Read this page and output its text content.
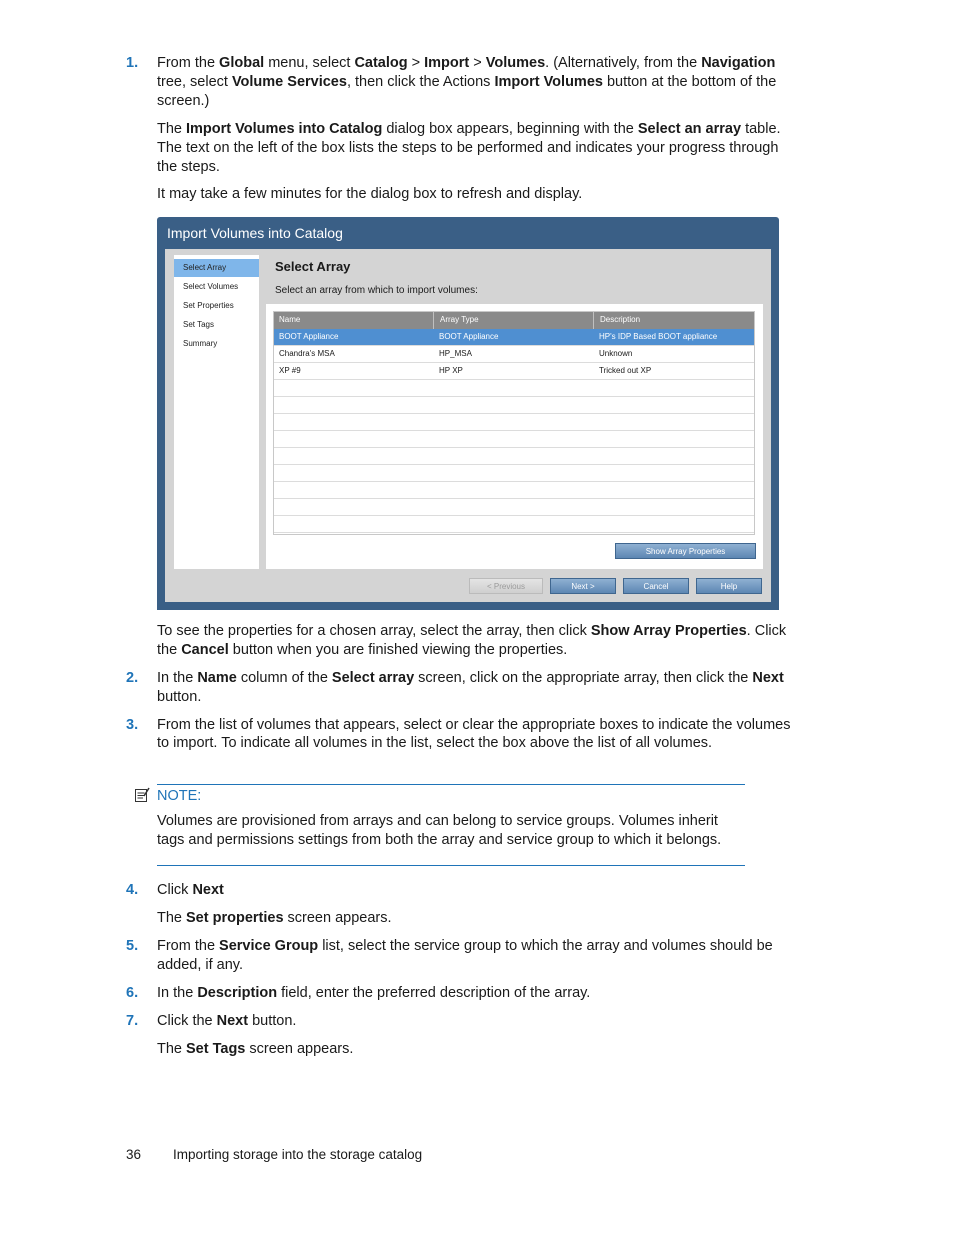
1. From the Global menu, select Catalog > Import > Volumes. (Alternatively, from the Navigation
tree, select Volume Services, then click the Actions Import Volumes button at the bottom of the
screen.)
The Import Volumes into Catalog dialog box appears, beginning with the Select an array table.
The text on the left of the box lists the steps to be performed and indicates your progress through
the steps.
It may take a few minutes for the dialog box to refresh and display.
Import Volumes into Catalog
Select Array
Select Volumes
Set Properties
Set Tags
Summary
Select Array
Select an array from which to import volumes:
Name	Array Type	Description
BOOT Appliance	BOOT Appliance	HP's IDP Based BOOT appliance
Chandra's MSA	HP_MSA	Unknown
XP #9	HP XP	Tricked out XP
Show Array Properties
< Previous	Next >	Cancel	Help
To see the properties for a chosen array, select the array, then click Show Array Properties. Click
the Cancel button when you are finished viewing the properties.
2. In the Name column of the Select array screen, click on the appropriate array, then click the Next
button.
3. From the list of volumes that appears, select or clear the appropriate boxes to indicate the volumes
to import. To indicate all volumes in the list, select the box above the list of all volumes.
NOTE:
Volumes are provisioned from arrays and can belong to service groups. Volumes inherit
tags and permissions settings from both the array and service group to which it belongs.
4. Click Next
The Set properties screen appears.
5. From the Service Group list, select the service group to which the array and volumes should be
added, if any.
6. In the Description field, enter the preferred description of the array.
7. Click the Next button.
The Set Tags screen appears.
36 Importing storage into the storage catalog
